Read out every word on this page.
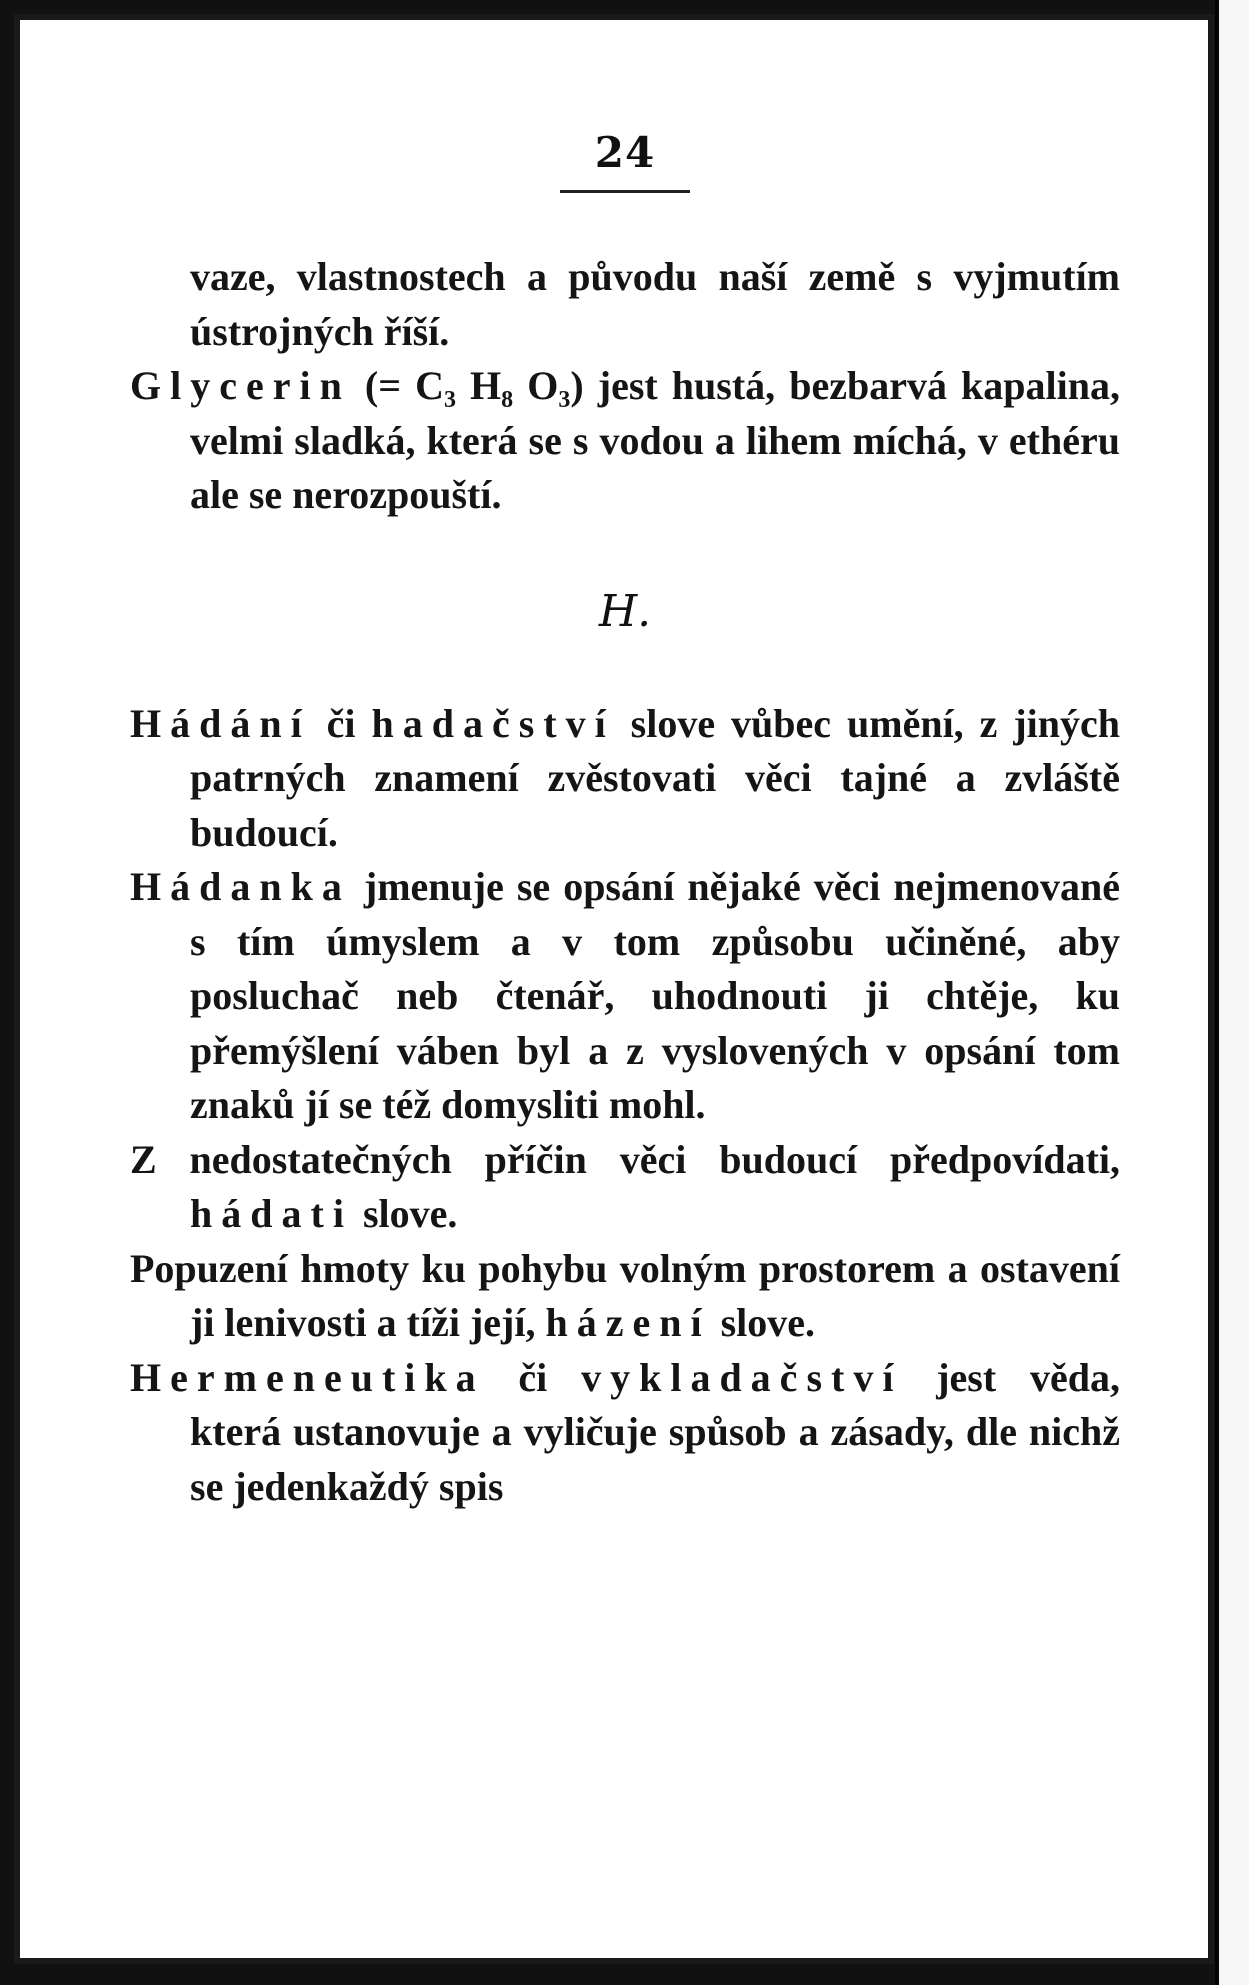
24

vaze, vlastnostech a původu naší země s vyjmutím ústrojných říší.

Glycerin (= $C_3$ $H_8$ $O_3$) jest hustá, bezbarvá kapalina, velmi sladká, která se s vodou a lihem míchá, v ethéru ale se nerozpouští.

H.

Hádání či hadačství slove vůbec umění, z jiných patrných znamení zvěstovati věci tajné a zvláště budoucí.

Hádanka jmenuje se opsání nějaké věci nejmenované s tím úmyslem a v tom způsobu učiněné, aby posluchač neb čtenář, uhodnouti ji chtěje, ku přemýšlení váben byl a z vyslovených v opsání tom znaků jí se též domysliti mohl.

Z nedostatečných příčin věci budoucí předpovídati, hádati slove.

Popuzení hmoty ku pohybu volným prostorem a ostavení ji lenivosti a tíži její, házení slove.

Hermeneutika či vykladačství jest věda, která ustanovuje a vyličuje spůsob a zásady, dle nichž se jedenkaždý spis
